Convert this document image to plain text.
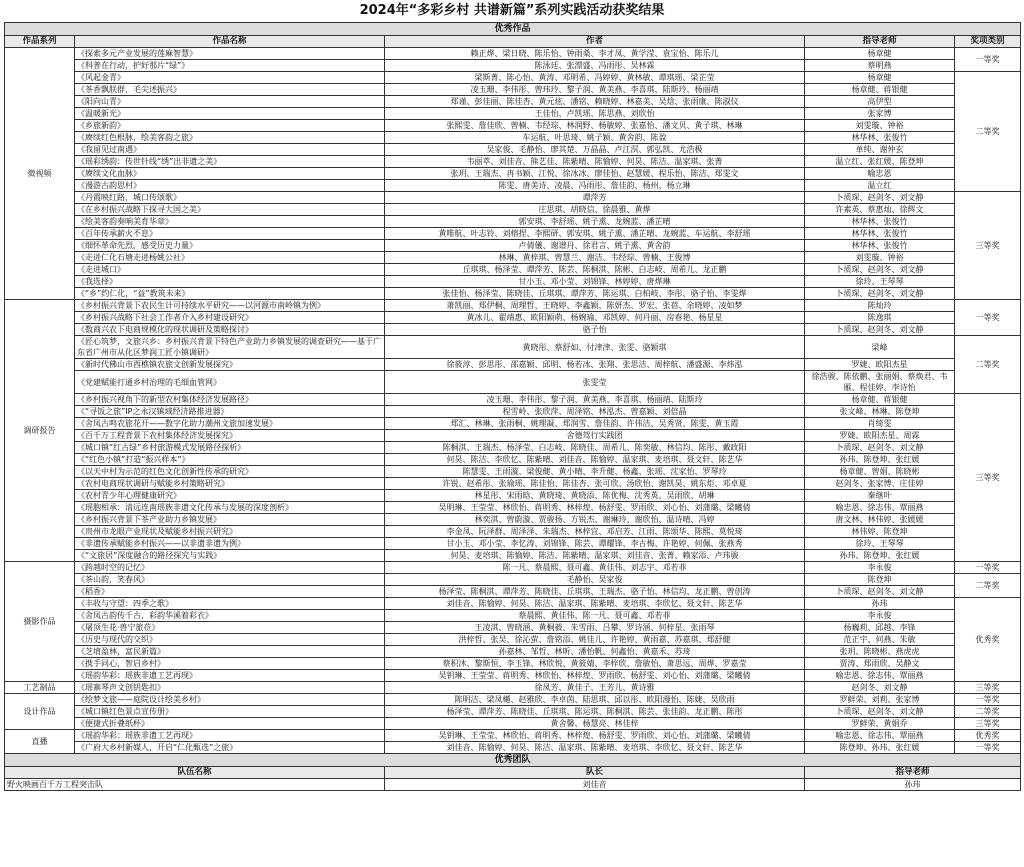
2024年“多彩乡村 共谱新篇”系列实践活动获奖结果
优秀作品				
作品系列	作品名称	作者	指导老师	奖项类别
微视频	《探索多元产业发展的莲麻智慧》	赖正烨、梁日晓、陈乐怡、钟雨桑、李才凤、黄学滢、袁宝怡、陈乐儿	杨章健	一等奖
	《科普在行动，护好那片“绿”》	陈泳廷、张漂盛、冯雨彤、吴林霖	蔡明燕	
	《风起金青》	梁斯菁、陈心怡、黄涛、邓明希、冯婷婷、黄林敏、谭琪瑶、梁芷莹	杨章健	二等奖
	《茶香飘朕群，毛尖述振兴》	凌玉珊、李伟彤、曾玮玲、黎子润、黄美燕、李喜琪、陆斯玲、杨丽靖	杨章健、蒋银健	
	《阳向山青》	郑谨、彭佳丽、陈佳杏、黄元炫、潘铭、赖晓婷、林嘉美、吴焓、张雨康、陈淑仪	高伊型	
	《温暖新光》	王佳怡、卢凯瑶、陈思燕、刘欣怡	张家博	
	《乡旅新韵》	张熙雯、詹佳欣、曾楠、韦经琮、林润野、杨敏婷、张嘉怡、潘文贝、黄子琪、林琳	刘雯璇、钟裕	
	《赓续红色根脉，绘美客韵之旅》	车运航、叶思琦、姚子颖、黄舍韵、陈盈	林华林、张俊竹	
	《我留见过南遇》	吴家俊、毛静怡、廖其楚、万晶晶、卢江溟、郭弘凯、尤浩极	单纯、谢仲玄	
	《瑶彩绣韵：传世针线“绣”出非遗之美》	韦丽萃、刘佳音、熊艺佳、陈紫晴、陈愉婷、何昊、陈洁、温家琪、张菁	温立红、张红媛、陈登坤	
	《赓续文化血脉》	张玥、王瑞杰、冉书颖、江悦、徐冰冰、廖佳怡、赵慧媛、程乐怡、陈洁、郑雯文	喻忠恩	
	《漫游古韵思村》	陈雯、唐美诗、凌晨、冯雨彤、詹佳韵、杨州、杨立琳	温立红	
	《丹霞映红路，城口传颂歌》	谭萍芳	卜质琛、赵剑冬、刘文静	三等奖
	《在乡村振兴战略下探寻大国之美》	庄思琪、胡晓信、徐晨雅、黄烨	许素英、蔡惠灿、徐辉文	
	《绘美客韵奏响美育华章》	郭安琪、李舒瑶、姚子熏、龙婉蓝、潘芷晴	林华林、张俊竹	
	《百年传承薪火不息》	黄唯航、叶志铃、刘榕捏、李熙研、郭安琪、姚子熏、潘芷晴、龙婉蓝、车运航、李舒瑶	林华林、张俊竹	
	《细怀革命先烈，感受历史力量》	卢倩儀、谢谱丹、徐君言、姚子熏、黄舍韵	林华林、张俊竹	
	《走进仁化石塘走进杨姚公社》	林琳、黄梓琪、曾慧兰、谢洁、韦经琮、曾楠、王俊博	刘雯璇、钟裕	
	《走进城口》	丘琪琪、杨泽莹、谭萍芳、陈芸、陈桐淇、陈彬、白志岐、周希儿、龙正鹏	卜质琛、赵剑冬、刘文静	
	《我选择》	甘小玉、邓小莹、刘锦锋、林婷婷、唐烨琳	徐玲、王琴琴	
	《“乡”约仁化，“益”教筑未来》	张佳怡、杨泽莹、陈晓佳、丘琪琪、谭萍芳、陈运琪、白柏岐、李彤、骆子怡、李雯烨	卜质琛、赵剑冬、刘文静	
调研报告	《乡村振兴背景下农民生计可持续水平研究——以河源市南岭镇为例》	萧凯丽、郑伊桐、周理哲、王晓婷、李鑫颖、陈妍杰、罗宏、张蓓、余晓婷、凌如梦	陈灿玲	一等奖
	《乡村振兴战略下社会工作者介入乡村建设研究》	黄冰儿、翟靖惠、欧阳颖萌、杨婉瑜、邓凯婷、何丹丽、房春艳、杨星星	陈逸琪	
	《数商兴农下电商规模化的现状调研及策略探讨》	骆子怡	卜质琛、赵剑冬、刘文静	
	《匠心筑梦，文旅兴乡：乡村振兴背景下特色产业助力乡镇发展的调查研究——基于广东省广州市从化区梦润工匠小镇调研》	黄晓彤、蔡舒如、付津津、张雯、骆颖琪	梁峰	二等奖
	《新时代佛山市西樵镇农旅文创新发展探究》	徐筱淳、彭思彤、邵嘉颖、邱明、杨若冰、张翔、张思洁、周梓航、潘盛源、李炜泓	罗婕、欧阳杰星	
	《党建赋能打通乡村治理的毛细血管网》	张雯莹	徐浩骏、陈依鹏、张丽娟、蔡焕君、韦雁、程佳婷、李诗怡	
	《乡村振兴视角下的新型农村集体经济发展路径》	凌玉珊、李伟彤、黎子润、黄美燕、李喜琪、杨丽靖、陆斯玲	杨章健、蒋银健	三等奖
	《“寻饭之旅”IP之永汉镇域经济路推进器》	程雪岭、张欣萍、周泽铭、林泓杰、曾嘉颖、刘倍晶	张文峰、林琳、陈登坤	
	《舍凤古鸣农旅花开——数字化助力潮州文旅加速发展》	郑汇、林琳、张雨桐、姚理凝、郑润雪、詹佳韵、许伟洁、吴秀贤、陈雯、黄玉霞	肖绮雯	
	《百千万工程背景下农村集体经济发展探究》	舍德驾行实践团	罗婕、欧阳杰星、周霖	
	《城口镇“红古绿”乡村旅游模式发展路径探析》	陈桐淇、王瑞杰、杨泽莹、白志岐、陈晓佳、周希儿、陈奕敏、林信均、陈彤、戴政阳	卜质琛、赵剑冬、刘文静	
	《“红色小镇”打造“振兴样本”》	何昊、陈洁、李欣忆、陈紫晴、刘佳音、陈愉婷、温家琪、麦培琪、聂文轩、陈艺华	孙玮、陈登坤、张红媛	
	《以天中村为示范的红色文化创新性传承的研究》	陈慧雯、王雨漩、梁俊健、黄小晴、李升健、杨鑫、张瑶、沈家怡、罗琴玲	杨章健、曾娟、陈晓彬	
	《农村电商现状调研与赋能乡村策略研究》	许锐、赵希彤、张瑜瑶、陈佳怡、陈佳杏、张可欣、汤欣怡、谢凯昊、姚东炬、邓卓夏	赵剑冬、张家博、庄佳婷	
	《农村青少年心理健康研究》	林星彤、宋雨晗、黄晓琦、黄晓添、陈优梅、沈秀英、吴雨欣、胡琳	秦继叶	
	《瑶胞相承：清远连南瑶族非遗文化传承与发展的深度剖析》	吴明琳、王莹莹、林欣怡、蒋明秀、林梓煌、杨舒雯、罗雨欣、刘心怡、刘蒲璐、梁曦倩	喻忠恩、徐志伟、覃丽燕	
	《乡村振兴背景下茶产业助力乡镇发展》	林奕淇、曾蔚漩、贾骏扬、方锐杰、谢琳玲、谢欣怡、温诗晴、冯婷	唐文林、林伟婷、张媛媛	
	《贵州市龙眼产业现状及赋能乡村振兴研究》	李金凤、阮泽群、周泽泽、朱瑞杰、林梓宜、邓启芳、江雨、陈颂华、陈熙、莫悦琦	林伟婷、陈登坤	
	《非遗传承赋能乡村振兴——以非遗非遗为例》	甘小玉、邓小莹、李忆涛、刘锦锋、陈芸、谭耀锋、李古梅、许艳婷、何佩、张燕秀	徐玲、王琴琴	
	《“文旅居”深度融合的路径探究与实践》	何昊、麦培琪、陈愉婷、陈洁、陈紫晴、温家琪、刘佳音、张菁、赖家添、卢玮骏	孙玮、陈登坤、张红媛	
摄影作品	《跨越时空的记忆》	陈一凡、蔡晨熙、聂可鑫、黄佳伟、刘志宇、邓若菲	李永俊	一等奖
	《茶山韵，笑春风》	毛静怡、吴家俊	陈登坤	二等奖
	《稻香》	杨泽莹、陈桐淇、谭萍芳、陈晓佳、丘琪琪、王瑞杰、骆子怡、林信均、龙正鹏、曾创涛	卜质琛、赵剑冬、刘文静	
	《丰收与守望：四季之歌》	刘佳音、陈愉婷、何昊、陈洁、温家琪、陈紫晴、麦培琪、李欣忆、聂文轩、陈艺华	孙玮	优秀奖
	《舍凤古韵传千古，彩韵华溪着彩衣》	蔡晨熙、黄佳伟、陈一凡、聂可鑫、邓若菲	李永俊	
	《屠顶生花·兽宁旅莅》	王凌淇、曾晓涵、黄桐毅、朱雪雨、吕攀、罗诗涵、何梓星、张雨琴	杨巍莉、邱越、李锋	
	《历史与现代的交织》	洪梓哲、张吴、徐沁萤、詹铭添、姚佳儿、许艳婷、黄雨嘉、苏嘉琪、郑舒健	范正宇、何燕、朱敏	
	《芝堉盈林，富民新篇》	孙嘉林、邹哲、林昕、潘怡帆、何鑫怡、黄嘉禾、苏琦	张玥、陈晓彬、燕虎虎	
	《携手同心，智启乡村》	蔡积沐、黎斯恒、李玉锋、林欣悦、黄筱婧、李梓欣、詹敏怡、萧思远、周烨、罗嘉莹	贾涛、郑雨欣、吴静文	
	《瑶韵华彩：瑶族非遗工艺再现》	吴钥琳、王莹莹、蒋明秀、林欣怡、林梓煌、罗雨欣、杨舒雯、刘心怡、刘蒲璐、梁曦倩	喻忠恩、徐志伟、覃丽燕	
工艺制品	《瑶寨琴声文创钥匙扣》	徐凤芳、黄佳子、王芳儿、黄诗雅	赵剑冬、刘文静	三等奖
设计作品	《绘梦文旅——庭院设计绘美乡村》	陈明洁、梁凤樾、赵雅欣、李卓茵、陆思琪、邱以彤、欧阳漫怡、陈婕、吴欣雨	罗鲜荣、刘莉、张家博	一等奖
	《城口镇红色景点宣传册》	杨泽莹、谭萍芳、陈晓佳、丘琪琪、陈运琪、陈桐淇、陈芸、张佳韵、龙正鹏、陈彤	卜质琛、赵剑冬、刘文静	二等奖
	《便捷式折叠纸杯》	黄舍馨、杨慧亮、林佳梓	罗鲜荣、黄娟乔	三等奖
直播	《瑶韵华彩：瑶族非遗工艺再现》	吴钥琳、王莹莹、林欣怡、蒋明秀、林梓煌、杨舒雯、罗雨欣、刘心怡、刘蒲璐、梁曦倩	喻忠恩、徐志伟、覃丽燕	优秀奖
	《广府大乡村新媒人，开启“仁化甄选”之旅》	刘佳音、陈愉婷、何昊、陈洁、温家琪、陈紫晴、麦培琪、李欣忆、聂文轩、陈艺华	陈登坤、孙玮、张红媛	一等奖
优秀团队				
队伍名称		队长	指导老师	
野火映画百千万工程突击队		刘佳音	孙玮	
